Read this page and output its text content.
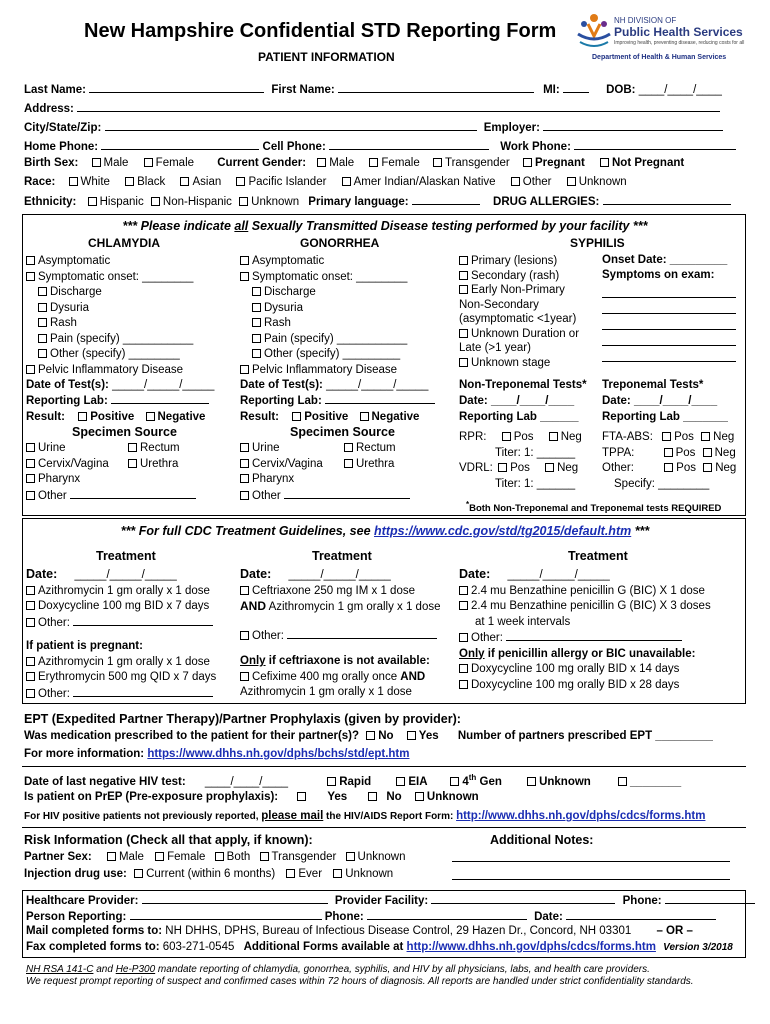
New Hampshire Confidential STD Reporting Form
PATIENT INFORMATION
NH DIVISION OF
Public Health Services
Improving health, preventing disease, reducing costs for all
Department of Health & Human Services
Last Name:	First Name:	MI:	DOB: ____/____/____
Address:
City/State/Zip:	Employer:
Home Phone:	Cell Phone:	Work Phone:
Birth Sex: Male Female Current Gender: Male Female Transgender Pregnant Not Pregnant
Race: White Black Asian Pacific Islander Amer Indian/Alaskan Native Other Unknown
Ethnicity: Hispanic Non-Hispanic Unknown Primary language:	DRUG ALLERGIES:
*** Please indicate all Sexually Transmitted Disease testing performed by your facility ***
CHLAMYDIA
Asymptomatic
Symptomatic onset: ________
Discharge
Dysuria
Rash
Pain (specify) ___________
Other (specify) ________
Pelvic Inflammatory Disease
Date of Test(s): _____/_____/_____
Reporting Lab:
Result: Positive Negative
Specimen Source
Urine	Rectum
Cervix/Vagina	Urethra
Pharynx
Other
GONORRHEA
Asymptomatic
Symptomatic onset: ________
Discharge
Dysuria
Rash
Pain (specify) ___________
Other (specify) _________
Pelvic Inflammatory Disease
Date of Test(s): _____/_____/_____
Reporting Lab:
Result: Positive Negative
Specimen Source
Urine	Rectum
Cervix/Vagina	Urethra
Pharynx
Other
SYPHILIS
Primary (lesions)
Secondary (rash)
Early Non-Primary
Non-Secondary
(asymptomatic <1year)
Unknown Duration or
Late (>1 year)
Unknown stage
Onset Date: _________
Symptoms on exam:
Non-Treponemal Tests*
Date: ____/____/____
Reporting Lab ______
Treponemal Tests*
Date: ____/____/____
Reporting Lab _______
RPR: Pos Neg
Titer: 1: ______
VDRL: Pos Neg
Titer: 1: ______
FTA-ABS: Pos Neg
TPPA:	Pos Neg
Other:	Pos Neg
Specify: ________
*Both Non-Treponemal and Treponemal tests REQUIRED
*** For full CDC Treatment Guidelines, see https://www.cdc.gov/std/tg2015/default.htm ***
Treatment	Treatment	Treatment
Date: _____/_____/_____
Azithromycin 1 gm orally x 1 dose
Doxycycline 100 mg BID x 7 days
Other:
If patient is pregnant:
Azithromycin 1 gm orally x 1 dose
Erythromycin 500 mg QID x 7 days
Other:
Date: _____/_____/_____
Ceftriaxone 250 mg IM x 1 dose
AND Azithromycin 1 gm orally x 1 dose
Other:
Only if ceftriaxone is not available:
Cefixime 400 mg orally once AND
Azithromycin 1 gm orally x 1 dose
Date: _____/_____/_____
2.4 mu Benzathine penicillin G (BIC) X 1 dose
2.4 mu Benzathine penicillin G (BIC) X 3 doses
at 1 week intervals
Other:
Only if penicillin allergy or BIC unavailable:
Doxycycline 100 mg orally BID x 14 days
Doxycycline 100 mg orally BID x 28 days
EPT (Expedited Partner Therapy)/Partner Prophylaxis (given by provider):
Was medication prescribed to the patient for their partner(s)? No Yes Number of partners prescribed EPT _________
For more information: https://www.dhhs.nh.gov/dphs/bchs/std/ept.htm
Date of last negative HIV test: ____/____/____	Rapid	EIA	4th Gen	Unknown	________
Is patient on PrEP (Pre-exposure prophylaxis):	Yes	No Unknown
For HIV positive patients not previously reported, please mail the HIV/AIDS Report Form: http://www.dhhs.nh.gov/dphs/cdcs/forms.htm
Risk Information (Check all that apply, if known):	Additional Notes:
Partner Sex: Male Female Both Transgender Unknown
Injection drug use: Current (within 6 months) Ever Unknown
Healthcare Provider:	Provider Facility:	Phone:
Person Reporting:	Phone:	Date:
Mail completed forms to: NH DHHS, DPHS, Bureau of Infectious Disease Control, 29 Hazen Dr., Concord, NH 03301 – OR –
Fax completed forms to: 603-271-0545 Additional Forms available at http://www.dhhs.nh.gov/dphs/cdcs/forms.htm Version 3/2018
NH RSA 141-C and He-P300 mandate reporting of chlamydia, gonorrhea, syphilis, and HIV by all physicians, labs, and health care providers.
We request prompt reporting of suspect and confirmed cases within 72 hours of diagnosis. All reports are handled under strict confidentiality standards.
